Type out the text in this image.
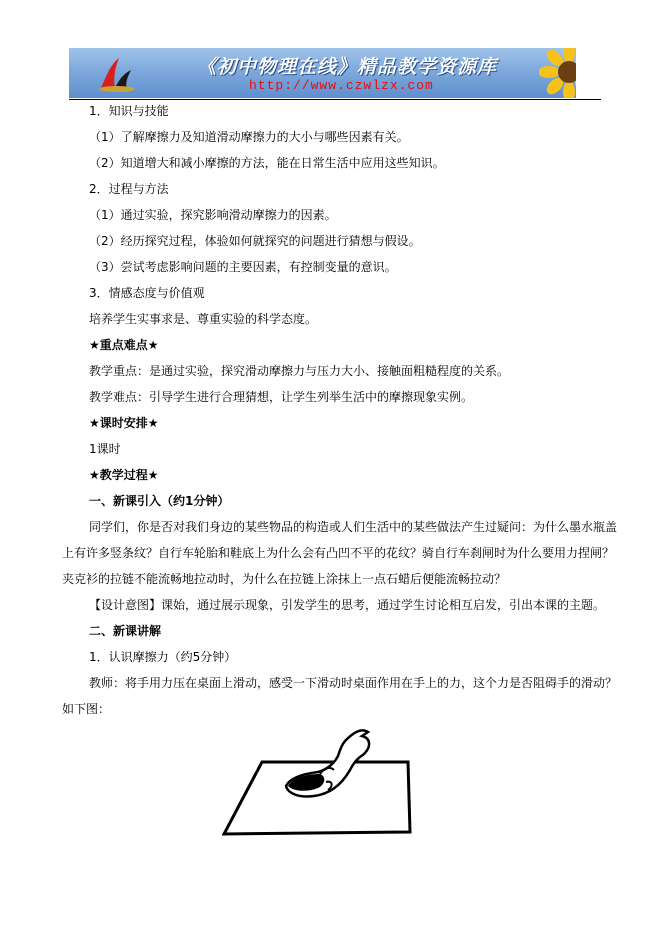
《初中物理在线》精品教学资源库
http://www.czwlzx.com
1．知识与技能
（1）了解摩擦力及知道滑动摩擦力的大小与哪些因素有关。
（2）知道增大和减小摩擦的方法，能在日常生活中应用这些知识。
2．过程与方法
（1）通过实验，探究影响滑动摩擦力的因素。
（2）经历探究过程，体验如何就探究的问题进行猜想与假设。
（3）尝试考虑影响问题的主要因素，有控制变量的意识。
3．情感态度与价值观
培养学生实事求是、尊重实验的科学态度。
★重点难点★
教学重点：是通过实验，探究滑动摩擦力与压力大小、接触面粗糙程度的关系。
教学难点：引导学生进行合理猜想，让学生列举生活中的摩擦现象实例。
★课时安排★
1课时
★教学过程★
一、新课引入（约1分钟）
同学们，你是否对我们身边的某些物品的构造或人们生活中的某些做法产生过疑问：为什么墨水瓶盖
上有许多竖条纹？自行车轮胎和鞋底上为什么会有凸凹不平的花纹？骑自行车刹闸时为什么要用力捏闸？
夹克衫的拉链不能流畅地拉动时，为什么在拉链上涂抹上一点石蜡后便能流畅拉动？
【设计意图】课始，通过展示现象，引发学生的思考，通过学生讨论相互启发，引出本课的主题。
二、新课讲解
1．认识摩擦力（约5分钟）
教师：将手用力压在桌面上滑动，感受一下滑动时桌面作用在手上的力，这个力是否阻碍手的滑动？
如下图：
